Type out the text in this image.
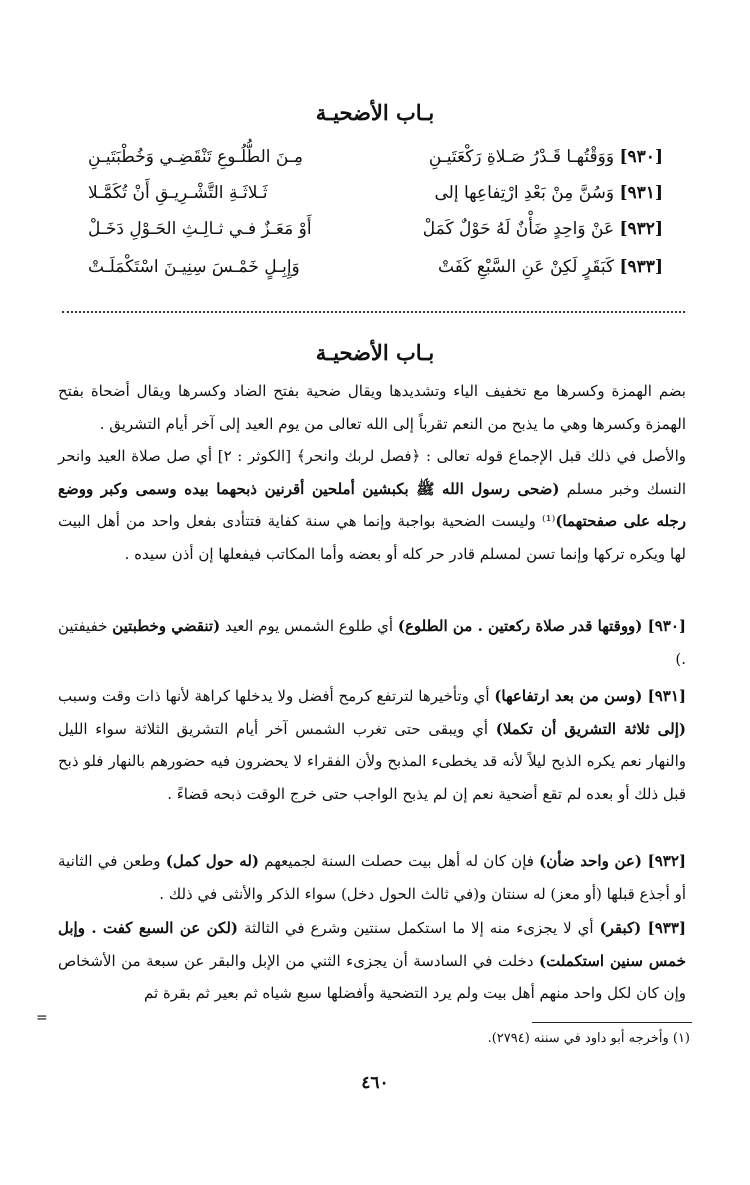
بـاب الأضحيـة
[٩٣٠] وَوَقْتُهـا قَـدْرُ صَـلاةِ رَكْعَتَيـنِ
مِـنَ الطُّلُـوعِ تَنْقَضِـي وَخُطْبَتَيـنِ
[٩٣١] وَسُنَّ مِنْ بَعْدِ ارْتِفاعِها إلى
ثَـلاثَـةِ التَّشْـرِيـقِ أَنْ تُكَمَّـلا
[٩٣٢] عَنْ وَاحِدٍ ضَأْنٌ لَهُ حَوْلٌ كَمَلْ
أَوْ مَعَـزٌ فـي ثـالِـثِ الحَـوْلِ دَخَـلْ
[٩٣٣] كَبَقَرٍ لَكِنْ عَنِ السَّبْعِ كَفَتْ
وَإِبِـلٍ خَمْـسَ سِنِيـنَ اسْتَكْمَلَـتْ
بـاب الأضحيـة
بضم الهمزة وكسرها مع تخفيف الياء وتشديدها ويقال ضحية بفتح الضاد وكسرها ويقال أضحاة بفتح الهمزة وكسرها وهي ما يذبح من النعم تقرباً إلى الله تعالى من يوم العيد إلى آخر أيام التشريق .
والأصل في ذلك قبل الإجماع قوله تعالى : ﴿فصل لربك وانحر﴾ [الكوثر : ٢] أي صل صلاة العيد وانحر النسك وخبر مسلم (ضحى رسول الله ﷺ بكبشين أملحين أقرنين ذبحهما بيده وسمى وكبر ووضع رجله على صفحتهما)⁽¹⁾ وليست الضحية بواجبة وإنما هي سنة كفاية فتتأدى بفعل واحد من أهل البيت لها ويكره تركها وإنما تسن لمسلم قادر حر كله أو بعضه وأما المكاتب فيفعلها إن أذن سيده .
[٩٣٠] (ووقتها قدر صلاة ركعتين . من الطلوع) أي طلوع الشمس يوم العيد (تنقضي وخطبتين خفيفتين .)
[٩٣١] (وسن من بعد ارتفاعها) أي وتأخيرها لترتفع كرمح أفضل ولا يدخلها كراهة لأنها ذات وقت وسبب (إلى ثلاثة التشريق أن تكملا) أي ويبقى حتى تغرب الشمس آخر أيام التشريق الثلاثة سواء الليل والنهار نعم يكره الذبح ليلاً لأنه قد يخطىء المذبح ولأن الفقراء لا يحضرون فيه حضورهم بالنهار فلو ذبح قبل ذلك أو بعده لم تقع أضحية نعم إن لم يذبح الواجب حتى خرج الوقت ذبحه قضاءً .
[٩٣٢] (عن واحد ضأن) فإن كان له أهل بيت حصلت السنة لجميعهم (له حول كمل) وطعن في الثانية أو أجذع قبلها (أو معز) له سنتان و(في ثالث الحول دخل) سواء الذكر والأنثى في ذلك .
[٩٣٣] (كبقر) أي لا يجزىء منه إلا ما استكمل سنتين وشرع في الثالثة (لكن عن السبع كفت . وإبل خمس سنين استكملت) دخلت في السادسة أن يجزىء الثني من الإبل والبقر عن سبعة من الأشخاص وإن كان لكل واحد منهم أهل بيت ولم يرد التضحية وأفضلها سبع شياه ثم بعير ثم بقرة ثم
=
(١) وأخرجه أبو داود في سننه (٢٧٩٤).
٤٦٠
